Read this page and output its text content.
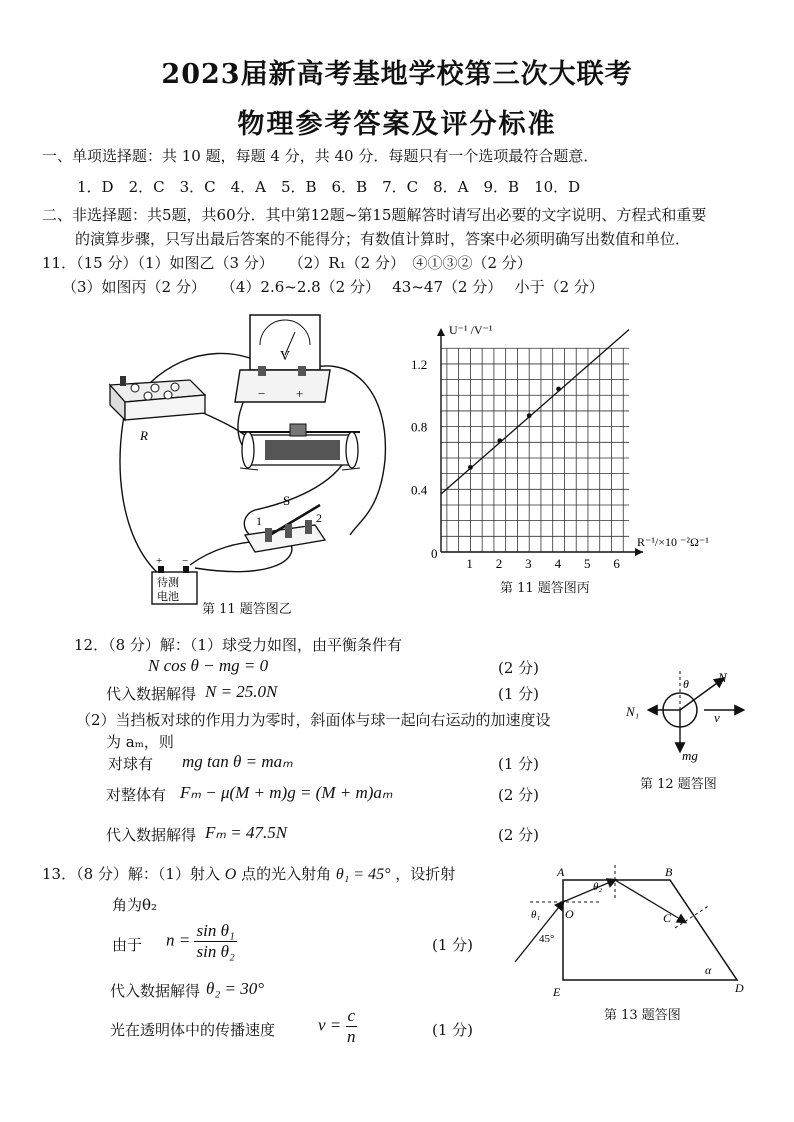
2023届新高考基地学校第三次大联考
物理参考答案及评分标准
一、单项选择题：共 10 题，每题 4 分，共 40 分．每题只有一个选项最符合题意．
1．D　2．C　3．C　4．A　5．B　6．B　7．C　8．A　9．B　10．D
二、非选择题：共5题，共60分．其中第12题~第15题解答时请写出必要的文字说明、方程式和重要
的演算步骤，只写出最后答案的不能得分；有数值计算时，答案中必须明确写出数值和单位．
11．（15 分）（1）如图乙（3 分）　　（2）R₁（2 分）　④①③②（2 分）
（3）如图丙（2 分）　　（4）2.6~2.8（2 分）　 43~47（2 分）　 小于（2 分）
R
V
− +
S
1	2
+ −
待测
电池
第 11 题答图乙
1 2 3 4 5 6
0.4
0.8
1.2
U⁻¹ /V⁻¹
R⁻¹/×10 ⁻²Ω⁻¹
0
第 11 题答图丙
12．（8 分）解：（1）球受力如图，由平衡条件有
N cos θ − mg = 0	(2 分)
代入数据解得 N = 25.0N	(1 分)
（2）当挡板对球的作用力为零时，斜面体与球一起向右运动的加速度设
为 aₘ，则
对球有 mg tan θ = maₘ	(1 分)
对整体有 Fₘ − μ(M + m)g = (M + m)aₘ	(2 分)
代入数据解得 Fₘ = 47.5N	(2 分)
θ N
N₁	v
mg
第 12 题答图
13．（8 分）解：（1）射入 O 点的光入射角 θ₁ = 45° ，设折射
角为θ₂
由于 $n = \frac{\text{sin θ₁}}{\text{sin θ₂}}$	(1 分)
代入数据解得 θ₂ = 30°
光在透明体中的传播速度	$v = \frac{c}{n}$	(1 分)
A	B
C
D
E
O
θ₁
θ₂
45°
α
第 13 题答图
